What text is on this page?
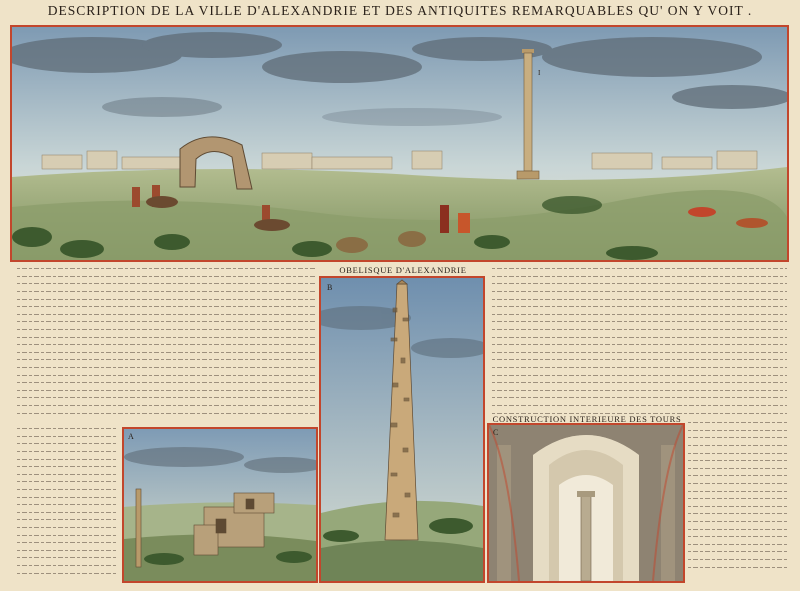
DESCRIPTION DE LA VILLE D'ALEXANDRIE ET DES ANTIQUITES REMARQUABLES QU' ON Y VOIT .
I
OBELISQUE D'ALEXANDRIE
B
A
CONSTRUCTION INTERIEURE DES TOURS
C
